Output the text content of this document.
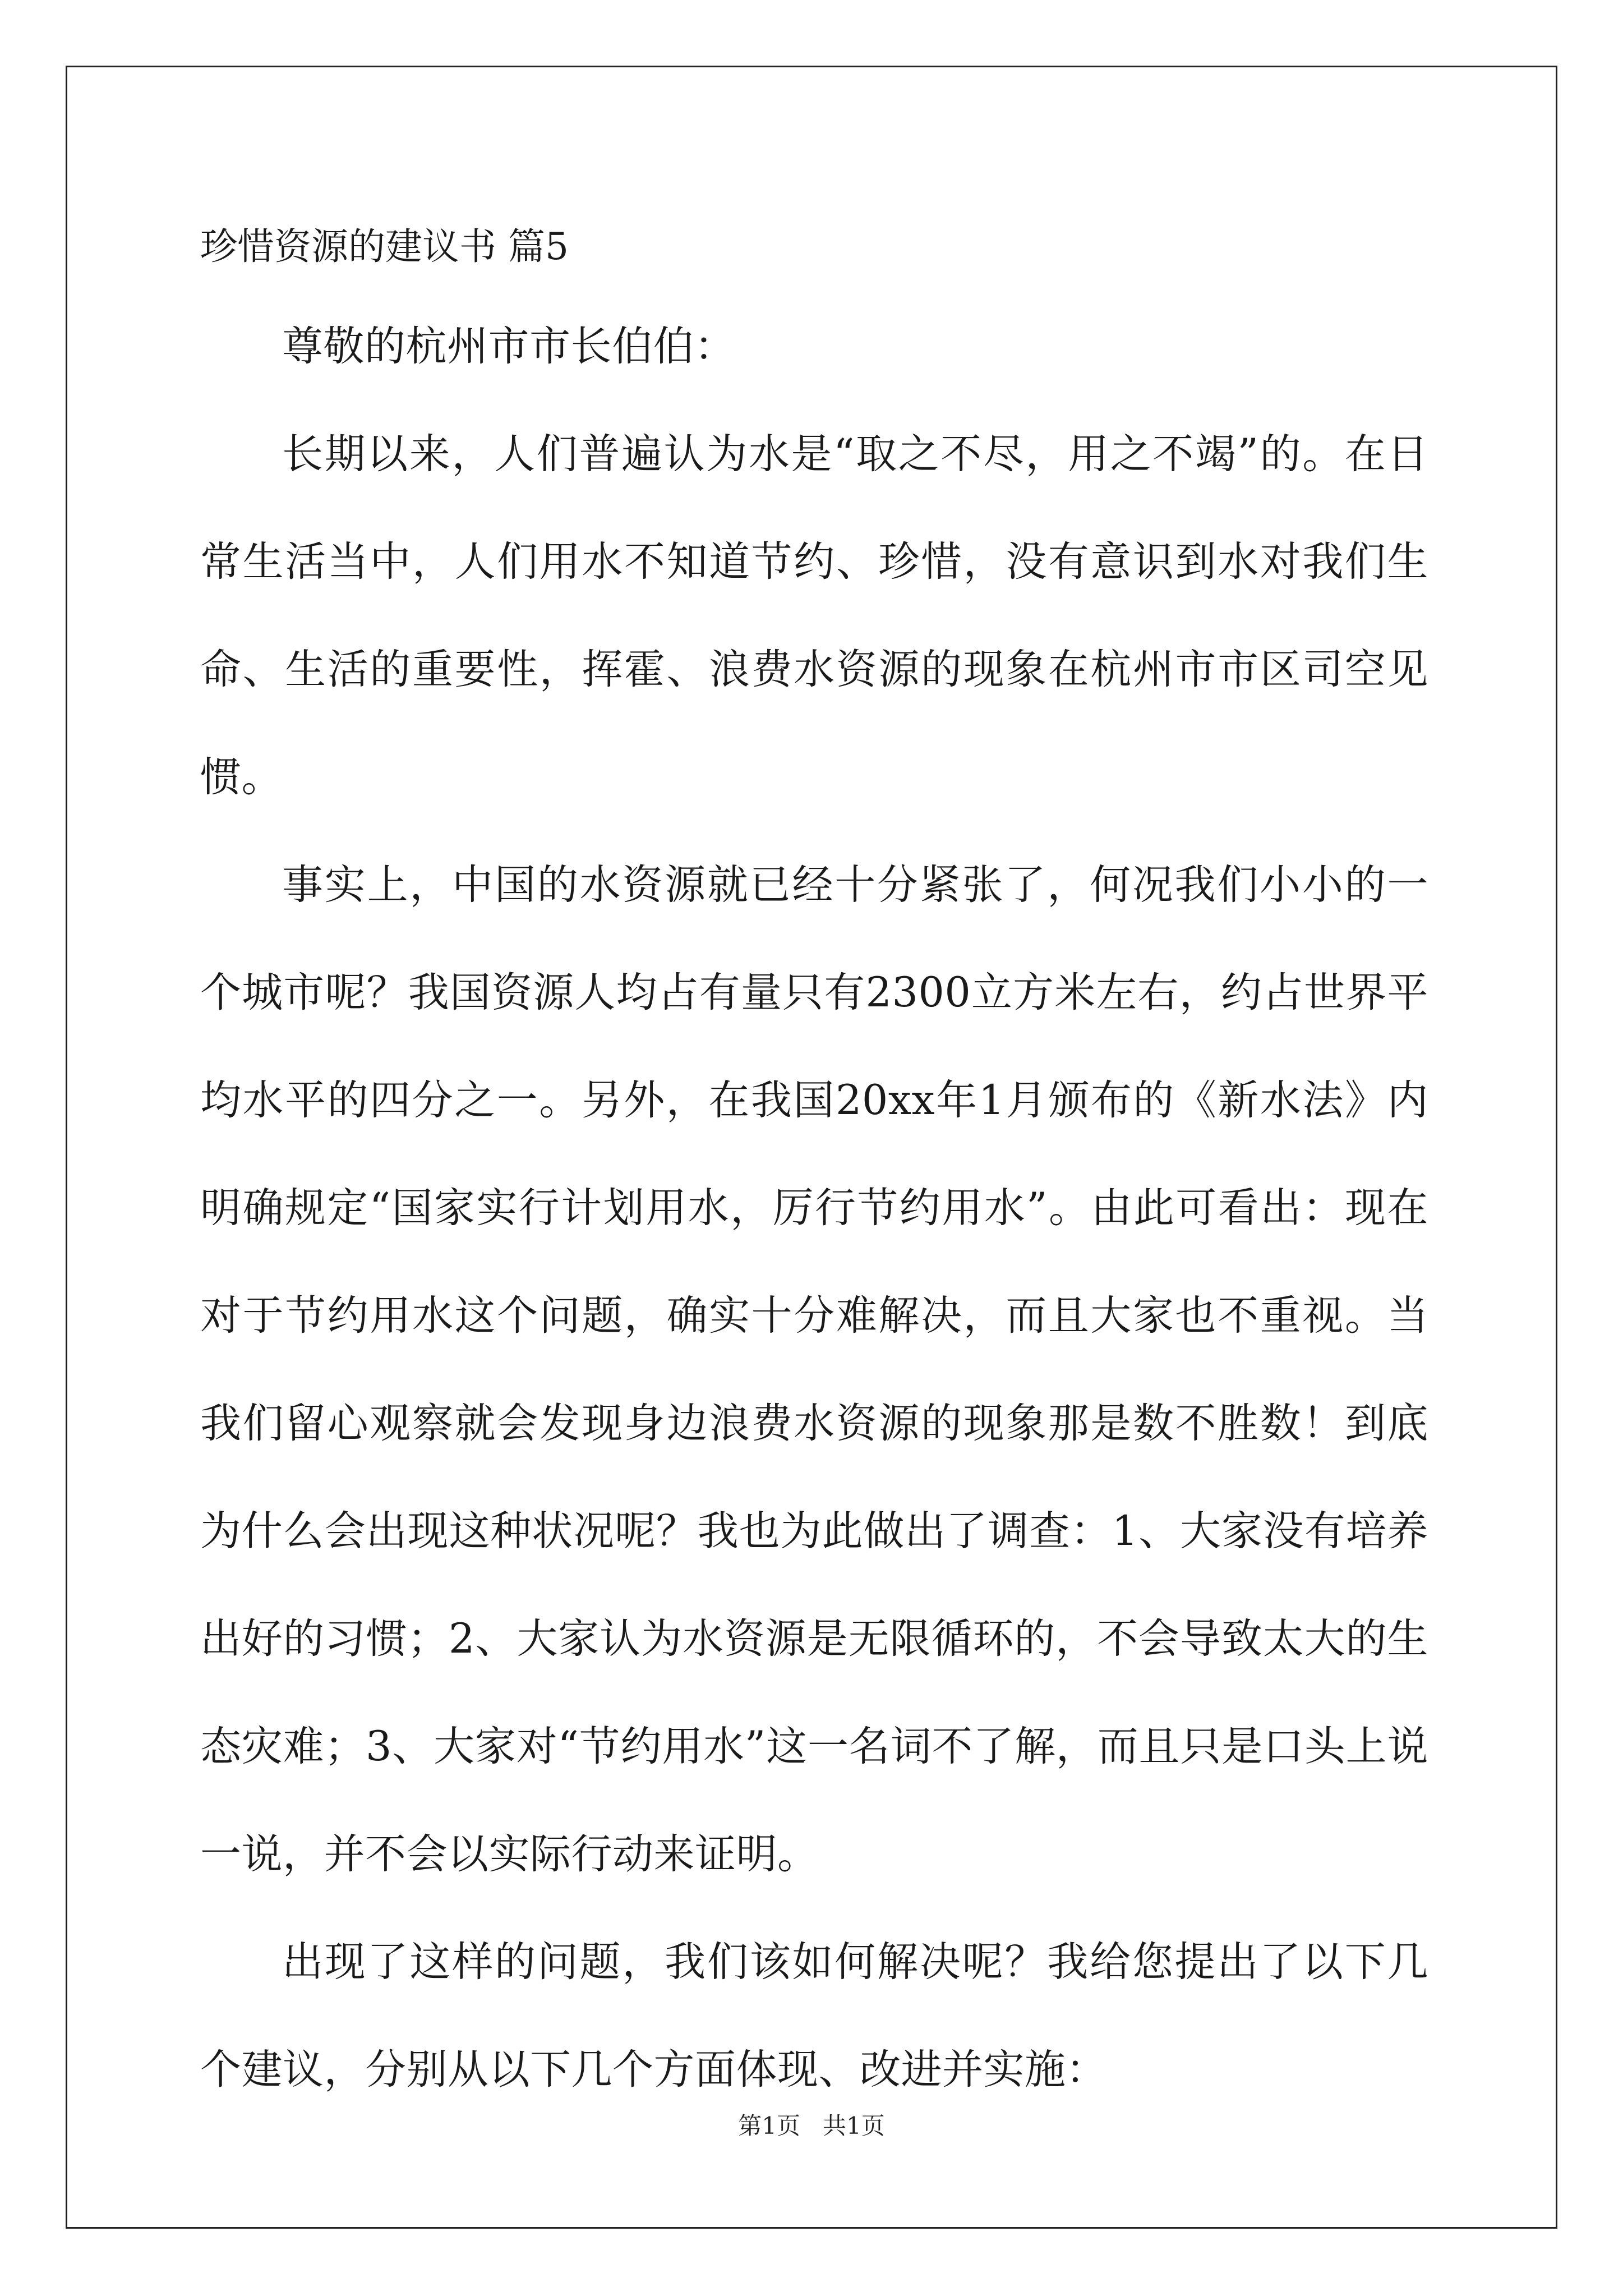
珍惜资源的建议书 篇5

尊敬的杭州市市长伯伯：

长期以来，人们普遍认为水是“取之不尽，用之不竭”的。在日常生活当中，人们用水不知道节约、珍惜，没有意识到水对我们生命、生活的重要性，挥霍、浪费水资源的现象在杭州市市区司空见惯。

事实上，中国的水资源就已经十分紧张了，何况我们小小的一个城市呢？我国资源人均占有量只有2300立方米左右，约占世界平均水平的四分之一。另外，在我国20xx年1月颁布的《新水法》内明确规定“国家实行计划用水，厉行节约用水”。由此可看出：现在对于节约用水这个问题，确实十分难解决，而且大家也不重视。当我们留心观察就会发现身边浪费水资源的现象那是数不胜数！到底为什么会出现这种状况呢？我也为此做出了调查：1、大家没有培养出好的习惯；2、大家认为水资源是无限循环的，不会导致太大的生态灾难；3、大家对“节约用水”这一名词不了解，而且只是口头上说一说，并不会以实际行动来证明。

出现了这样的问题，我们该如何解决呢？我给您提出了以下几个建议，分别从以下几个方面体现、改进并实施：

第1页   共1页
